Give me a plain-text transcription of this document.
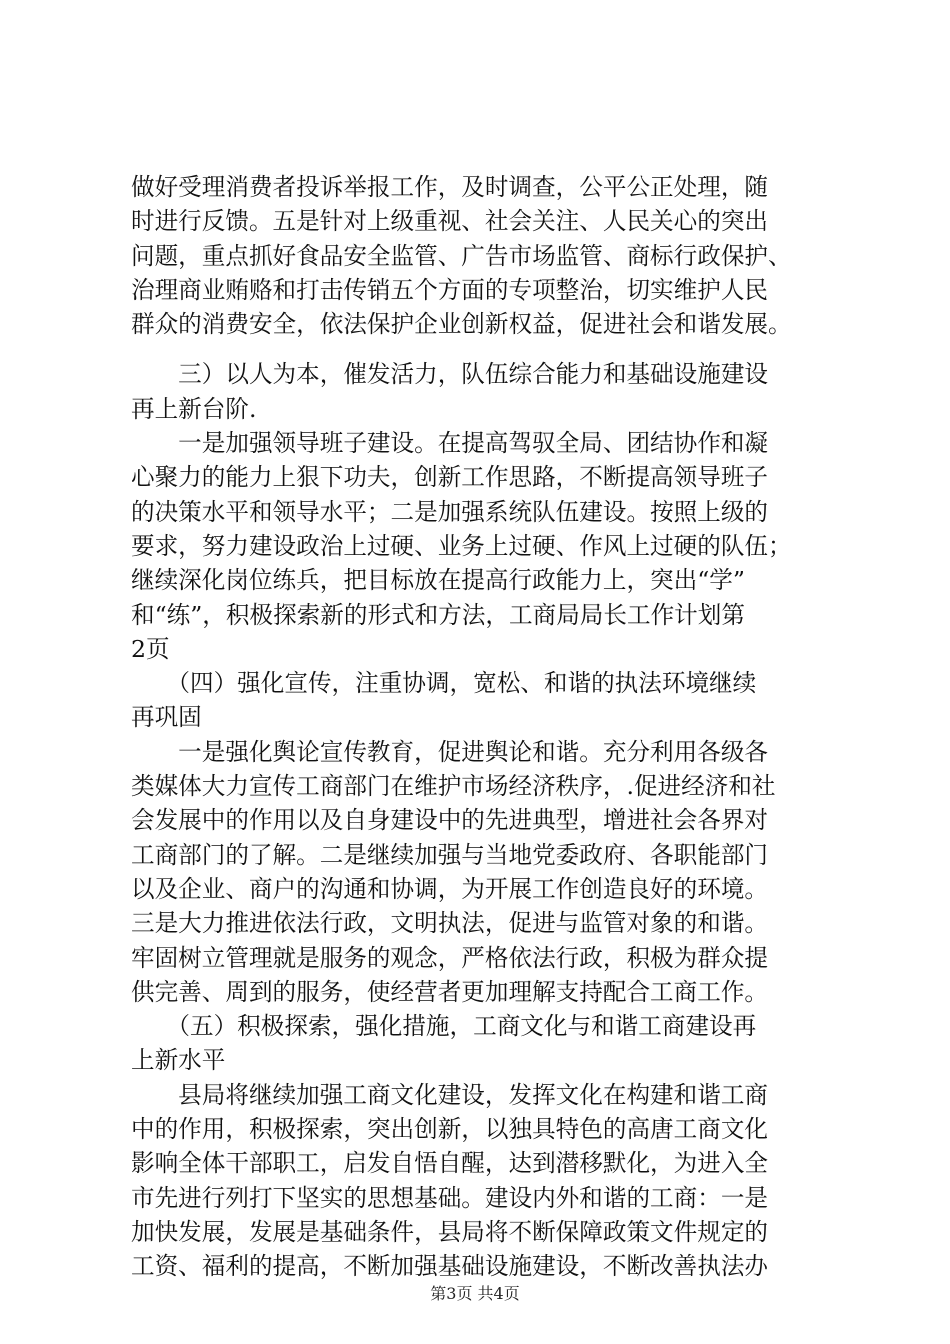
做好受理消费者投诉举报工作，及时调查，公平公正处理，随
时进行反馈。五是针对上级重视、社会关注、人民关心的突出
问题，重点抓好食品安全监管、广告市场监管、商标行政保护、
治理商业贿赂和打击传销五个方面的专项整治，切实维护人民
群众的消费安全，依法保护企业创新权益，促进社会和谐发展。
　　三）以人为本，催发活力，队伍综合能力和基础设施建设
再上新台阶.
　　一是加强领导班子建设。在提高驾驭全局、团结协作和凝
心聚力的能力上狠下功夫，创新工作思路，不断提高领导班子
的决策水平和领导水平；二是加强系统队伍建设。按照上级的
要求，努力建设政治上过硬、业务上过硬、作风上过硬的队伍；
继续深化岗位练兵，把目标放在提高行政能力上，突出“学”
和“练”，积极探索新的形式和方法，工商局局长工作计划第
2页
　　（四）强化宣传，注重协调，宽松、和谐的执法环境继续
再巩固
　　一是强化舆论宣传教育，促进舆论和谐。充分利用各级各
类媒体大力宣传工商部门在维护市场经济秩序，.促进经济和社
会发展中的作用以及自身建设中的先进典型，增进社会各界对
工商部门的了解。二是继续加强与当地党委政府、各职能部门
以及企业、商户的沟通和协调，为开展工作创造良好的环境。
三是大力推进依法行政，文明执法，促进与监管对象的和谐。
牢固树立管理就是服务的观念，严格依法行政，积极为群众提
供完善、周到的服务，使经营者更加理解支持配合工商工作。
　　（五）积极探索，强化措施，工商文化与和谐工商建设再
上新水平
　　县局将继续加强工商文化建设，发挥文化在构建和谐工商
中的作用，积极探索，突出创新，以独具特色的高唐工商文化
影响全体干部职工，启发自悟自醒，达到潜移默化，为进入全
市先进行列打下坚实的思想基础。建设内外和谐的工商：一是
加快发展，发展是基础条件，县局将不断保障政策文件规定的
工资、福利的提高，不断加强基础设施建设，不断改善执法办
第3页 共4页
